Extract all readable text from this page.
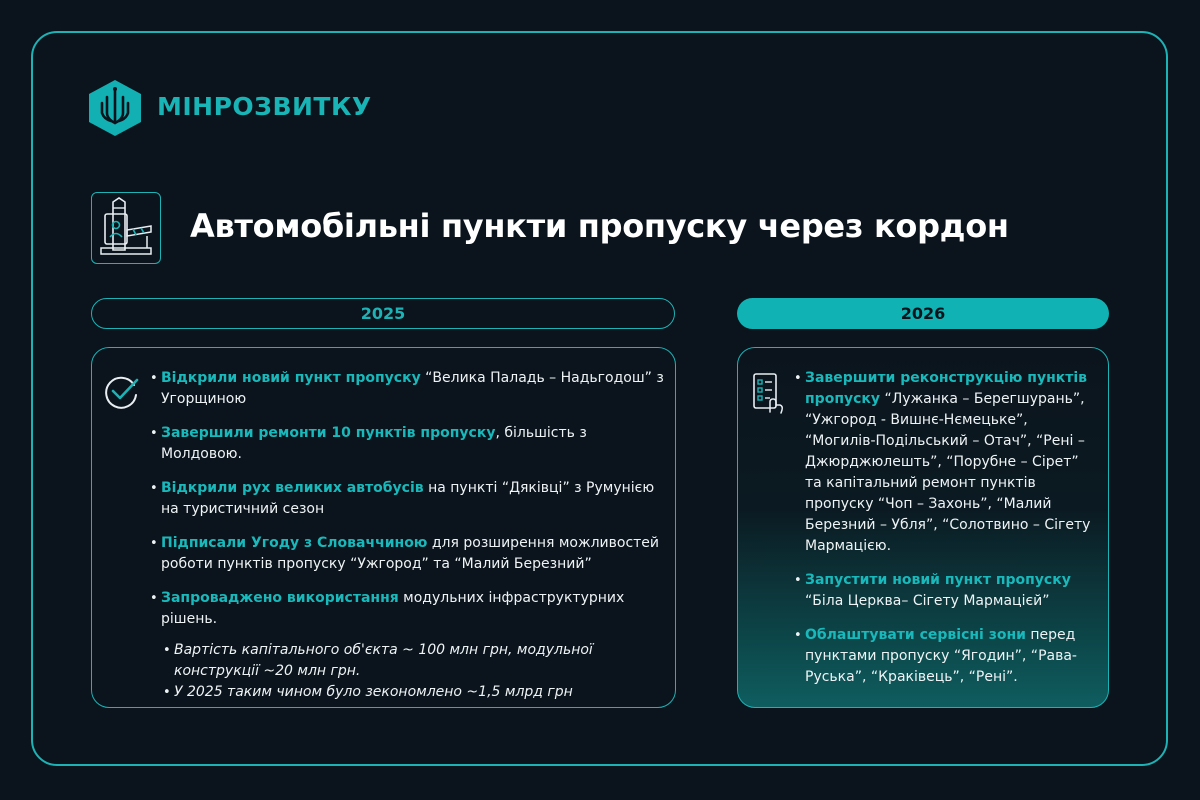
МІНРОЗВИТКУ
Автомобільні пункти пропуску через кордон
2025	2026
• Відкрили новий пункт пропуску “Велика Паладь – Надьгодош” з Угорщиною
• Завершили ремонти 10 пунктів пропуску, більшість з Молдовою.
• Відкрили рух великих автобусів на пункті “Дяківці” з Румунією на туристичний сезон
• Підписали Угоду з Словаччиною для розширення можливостей роботи пунктів пропуску “Ужгород” та “Малий Березний”
• Запроваджено використання модульних інфраструктурних рішень.
• Вартість капітального об'єкта ~ 100 млн грн, модульної конструкції ~20 млн грн.
• У 2025 таким чином було зекономлено ~1,5 млрд грн
• Завершити реконструкцію пунктів пропуску “Лужанка – Берегшурань”, “Ужгород - Вишнє-Нємецьке”, “Могилів-Подільський – Отач”, “Рені – Джюрджюлешть”, “Порубне – Сірет” та капітальний ремонт пунктів пропуску “Чоп – Захонь”, “Малий Березний – Убля”, “Солотвино – Сігету Мармацією.
• Запустити новий пункт пропуску “Біла Церква– Сігету Мармацієй”
• Облаштувати сервісні зони перед пунктами пропуску “Ягодин”, “Рава-Руська”, “Краківець”, “Рені”.
